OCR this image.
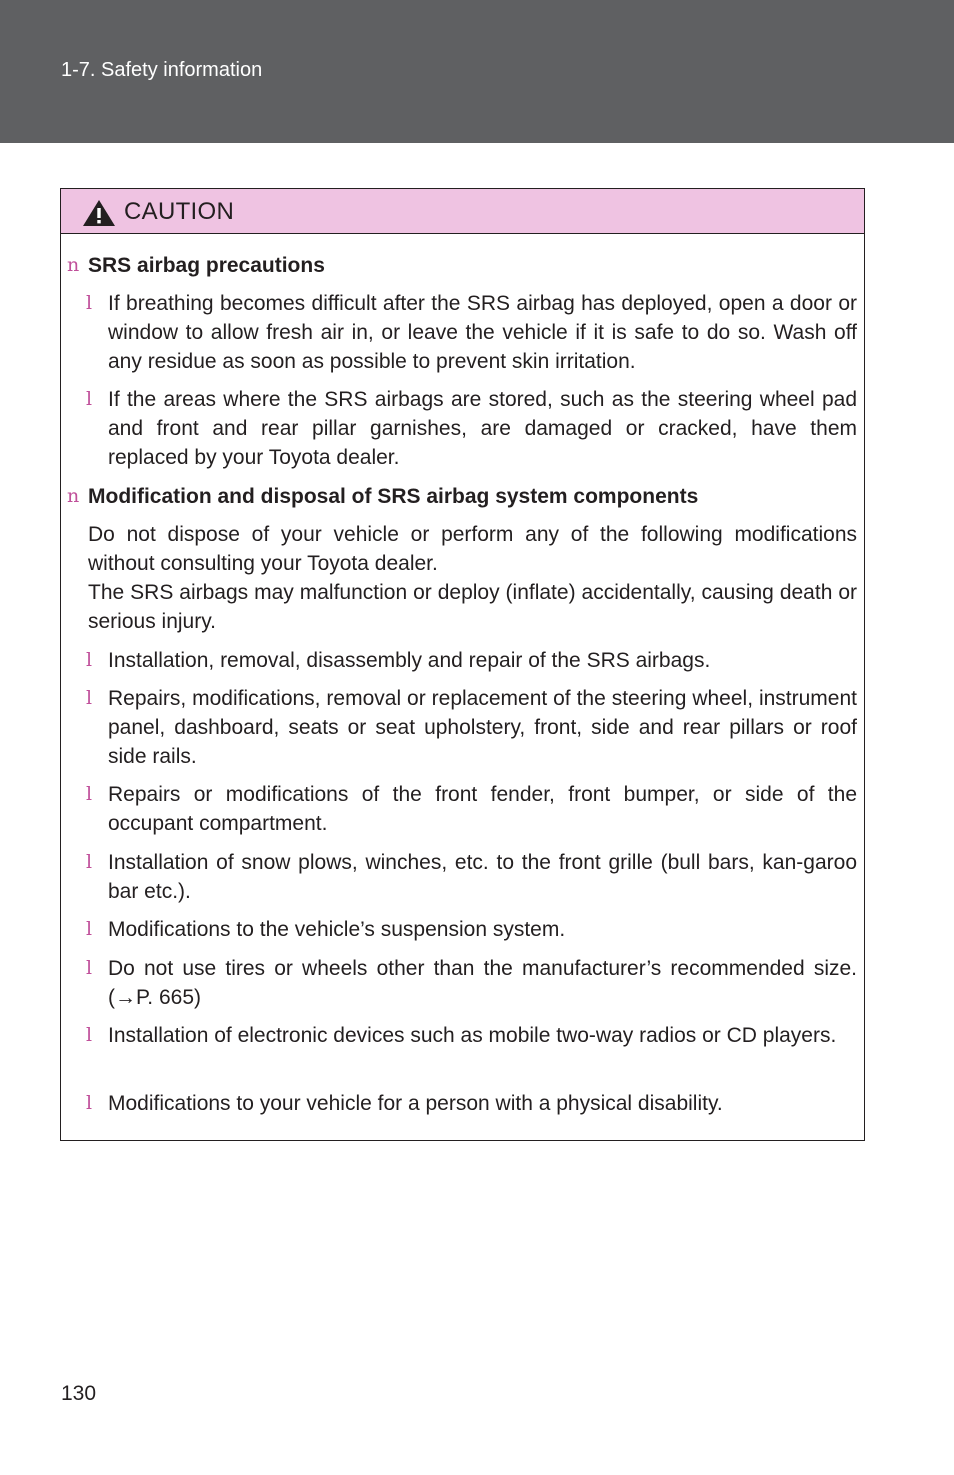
1-7. Safety information
CAUTION
n SRS airbag precautions
l If breathing becomes difficult after the SRS airbag has deployed, open a door or window to allow fresh air in, or leave the vehicle if it is safe to do so. Wash off any residue as soon as possible to prevent skin irritation.
l If the areas where the SRS airbags are stored, such as the steering wheel pad and front and rear pillar garnishes, are damaged or cracked, have them replaced by your Toyota dealer.
n Modification and disposal of SRS airbag system components
Do not dispose of your vehicle or perform any of the following modifications without consulting your Toyota dealer.
The SRS airbags may malfunction or deploy (inflate) accidentally, causing death or serious injury.
l Installation, removal, disassembly and repair of the SRS airbags.
l Repairs, modifications, removal or replacement of the steering wheel, instrument panel, dashboard, seats or seat upholstery, front, side and rear pillars or roof side rails.
l Repairs or modifications of the front fender, front bumper, or side of the occupant compartment.
l Installation of snow plows, winches, etc. to the front grille (bull bars, kan-garoo bar etc.).
l Modifications to the vehicle’s suspension system.
l Do not use tires or wheels other than the manufacturer’s recommended size. (→P. 665)
l Installation of electronic devices such as mobile two-way radios or CD players.
l Modifications to your vehicle for a person with a physical disability.
130
